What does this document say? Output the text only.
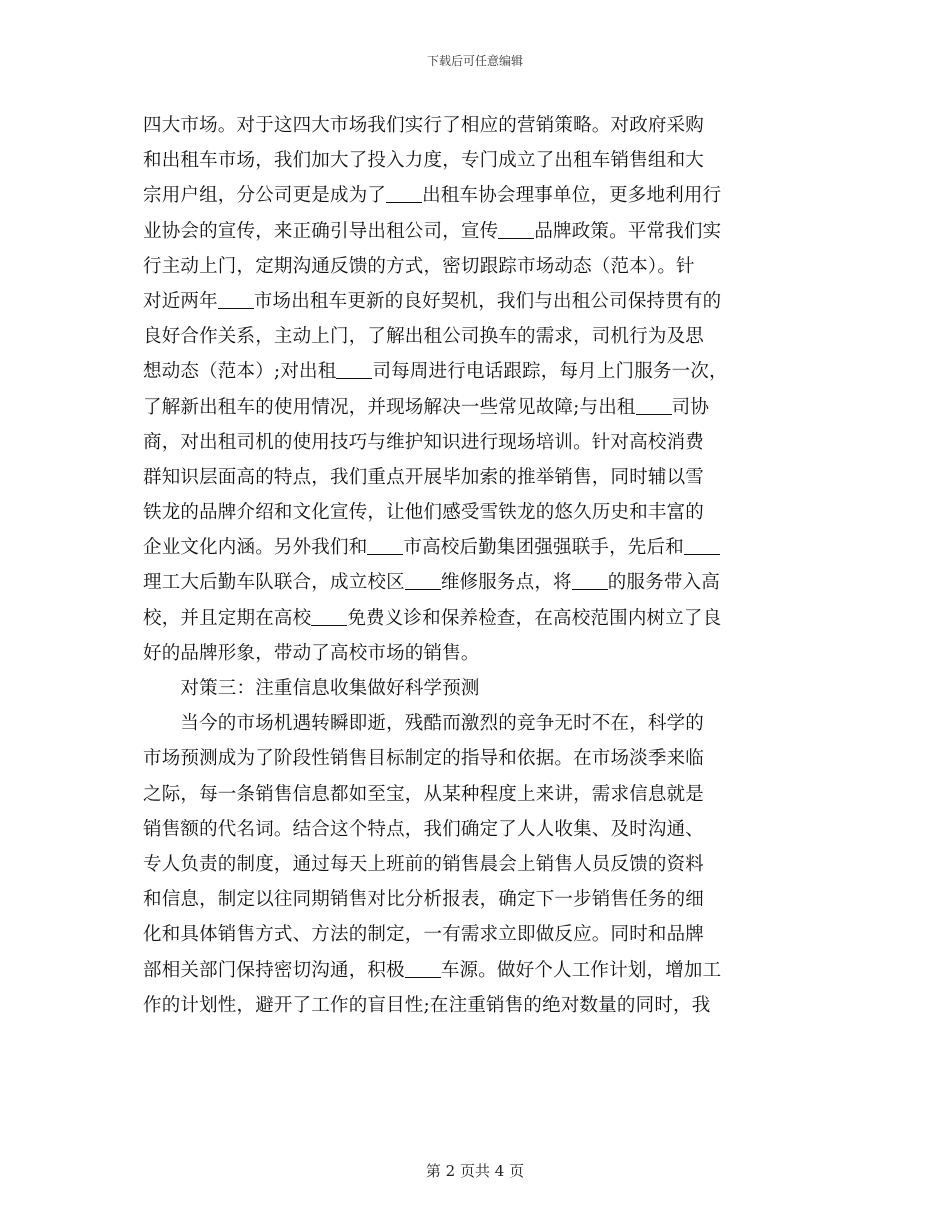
下载后可任意编辑
四大市场。对于这四大市场我们实行了相应的营销策略。对政府采购
和出租车市场，我们加大了投入力度，专门成立了出租车销售组和大
宗用户组，分公司更是成为了 出租车协会理事单位，更多地利用行
业协会的宣传，来正确引导出租公司，宣传 品牌政策。平常我们实
行主动上门，定期沟通反馈的方式，密切跟踪市场动态（范本）。针
对近两年 市场出租车更新的良好契机，我们与出租公司保持贯有的
良好合作关系，主动上门，了解出租公司换车的需求，司机行为及思
想动态（范本）;对出租 司每周进行电话跟踪，每月上门服务一次，
了解新出租车的使用情况，并现场解决一些常见故障;与出租 司协
商，对出租司机的使用技巧与维护知识进行现场培训。针对高校消费
群知识层面高的特点，我们重点开展毕加索的推举销售，同时辅以雪
铁龙的品牌介绍和文化宣传，让他们感受雪铁龙的悠久历史和丰富的
企业文化内涵。另外我们和 市高校后勤集团强强联手，先后和
理工大后勤车队联合，成立校区 维修服务点，将 的服务带入高
校，并且定期在高校 免费义诊和保养检查，在高校范围内树立了良
好的品牌形象，带动了高校市场的销售。
　　对策三：注重信息收集做好科学预测
　　当今的市场机遇转瞬即逝，残酷而激烈的竞争无时不在，科学的
市场预测成为了阶段性销售目标制定的指导和依据。在市场淡季来临
之际，每一条销售信息都如至宝，从某种程度上来讲，需求信息就是
销售额的代名词。结合这个特点，我们确定了人人收集、及时沟通、
专人负责的制度，通过每天上班前的销售晨会上销售人员反馈的资料
和信息，制定以往同期销售对比分析报表，确定下一步销售任务的细
化和具体销售方式、方法的制定，一有需求立即做反应。同时和品牌
部相关部门保持密切沟通，积极 车源。做好个人工作计划，增加工
作的计划性，避开了工作的盲目性;在注重销售的绝对数量的同时，我
第 2 页共 4 页
